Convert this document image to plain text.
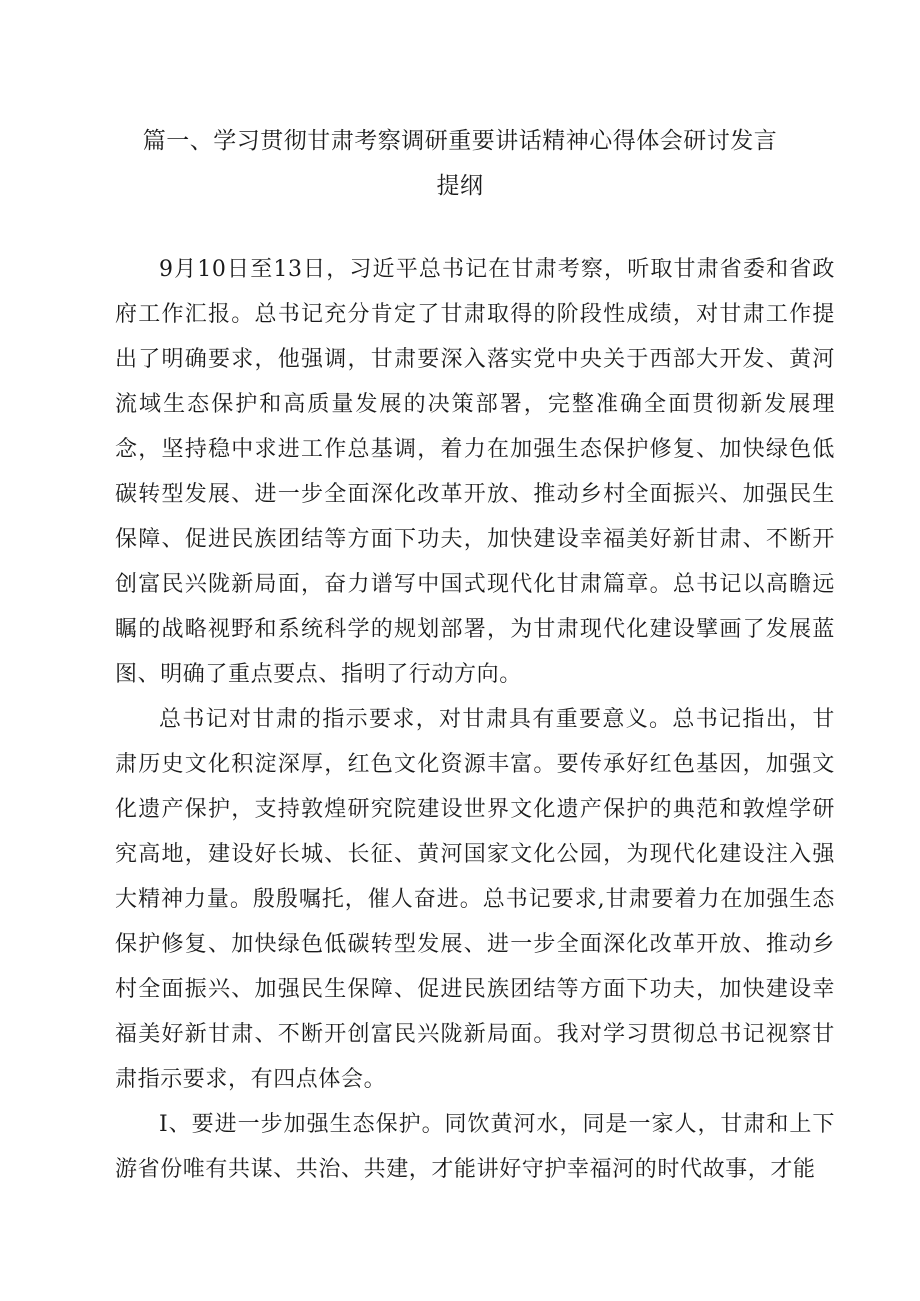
篇一、学习贯彻甘肃考察调研重要讲话精神心得体会研讨发言
提纲

9月10日至13日，习近平总书记在甘肃考察，听取甘肃省委和省政府工作汇报。总书记充分肯定了甘肃取得的阶段性成绩，对甘肃工作提出了明确要求，他强调，甘肃要深入落实党中央关于西部大开发、黄河流域生态保护和高质量发展的决策部署，完整准确全面贯彻新发展理念，坚持稳中求进工作总基调，着力在加强生态保护修复、加快绿色低碳转型发展、进一步全面深化改革开放、推动乡村全面振兴、加强民生保障、促进民族团结等方面下功夫，加快建设幸福美好新甘肃、不断开创富民兴陇新局面，奋力谱写中国式现代化甘肃篇章。总书记以高瞻远瞩的战略视野和系统科学的规划部署，为甘肃现代化建设擘画了发展蓝图、明确了重点要点、指明了行动方向。

总书记对甘肃的指示要求，对甘肃具有重要意义。总书记指出，甘肃历史文化积淀深厚，红色文化资源丰富。要传承好红色基因，加强文化遗产保护，支持敦煌研究院建设世界文化遗产保护的典范和敦煌学研究高地，建设好长城、长征、黄河国家文化公园，为现代化建设注入强大精神力量。殷殷嘱托，催人奋进。总书记要求,甘肃要着力在加强生态保护修复、加快绿色低碳转型发展、进一步全面深化改革开放、推动乡村全面振兴、加强民生保障、促进民族团结等方面下功夫，加快建设幸福美好新甘肃、不断开创富民兴陇新局面。我对学习贯彻总书记视察甘肃指示要求，有四点体会。

I、要进一步加强生态保护。同饮黄河水，同是一家人，甘肃和上下游省份唯有共谋、共治、共建，才能讲好守护幸福河的时代故事，才能
